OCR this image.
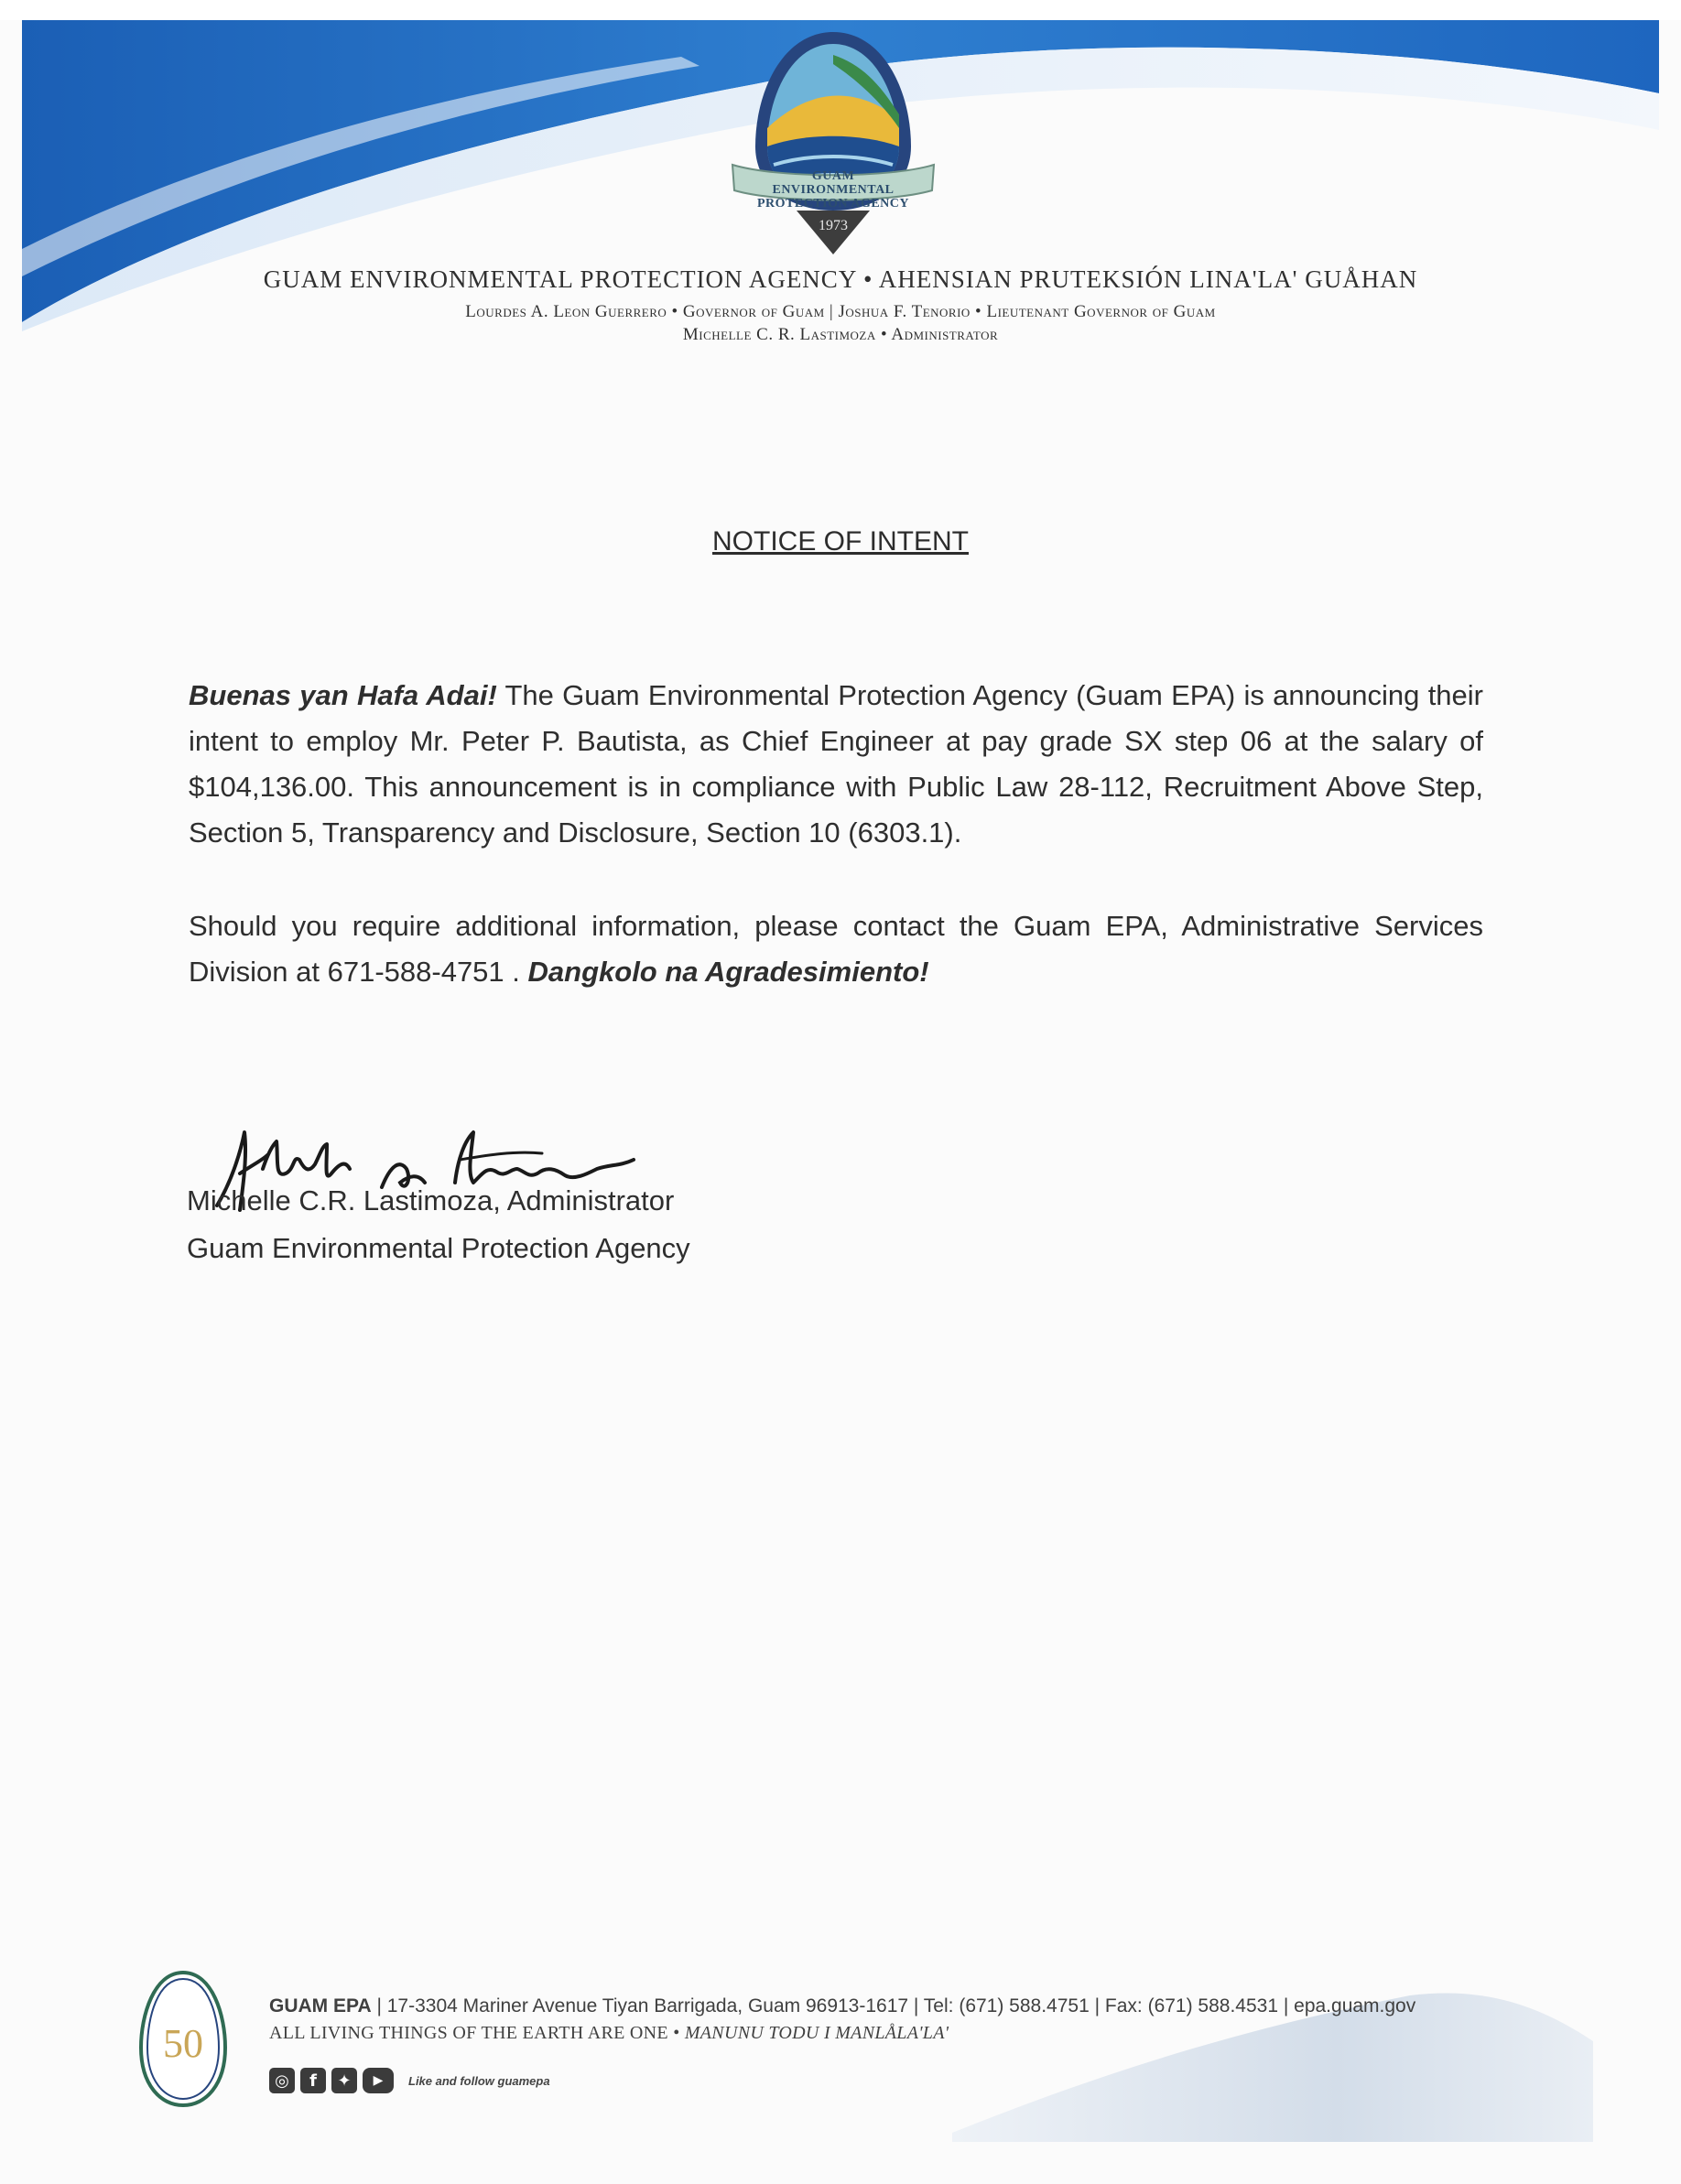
GUAM ENVIRONMENTAL PROTECTION AGENCY
1973
GUAM ENVIRONMENTAL PROTECTION AGENCY • AHENSIAN PRUTEKSIÓN LINA'LA' GUÅHAN
Lourdes A. Leon Guerrero • Governor of Guam | Joshua F. Tenorio • Lieutenant Governor of Guam
Michelle C. R. Lastimoza • Administrator
NOTICE OF INTENT
Buenas yan Hafa Adai! The Guam Environmental Protection Agency (Guam EPA) is announcing their intent to employ Mr. Peter P. Bautista, as Chief Engineer at pay grade SX step 06 at the salary of $104,136.00. This announcement is in compliance with Public Law 28-112, Recruitment Above Step, Section 5, Transparency and Disclosure, Section 10 (6303.1).
Should you require additional information, please contact the Guam EPA, Administrative Services Division at 671-588-4751 . Dangkolo na Agradesimiento!
Michelle C.R. Lastimoza, Administrator
Guam Environmental Protection Agency
50
GUAM EPA | 17-3304 Mariner Avenue Tiyan Barrigada, Guam 96913-1617 | Tel: (671) 588.4751 | Fax: (671) 588.4531 | epa.guam.gov
ALL LIVING THINGS OF THE EARTH ARE ONE • MANUNU TODU I MANLÅLA'LA'
◎	f	✦	▶	Like and follow guamepa
